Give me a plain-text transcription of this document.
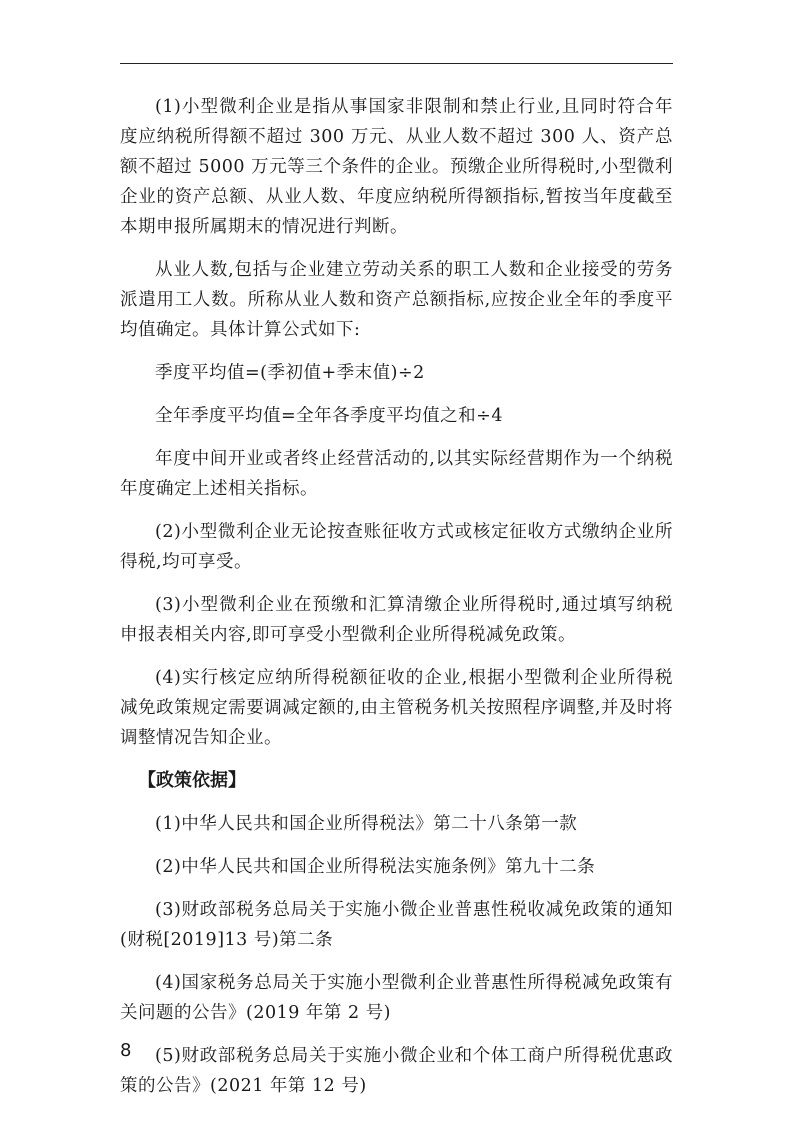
(1)小型微利企业是指从事国家非限制和禁止行业,且同时符合年度应纳税所得额不超过 300 万元、从业人数不超过 300 人、资产总额不超过 5000 万元等三个条件的企业。预缴企业所得税时,小型微利企业的资产总额、从业人数、年度应纳税所得额指标,暂按当年度截至本期申报所属期末的情况进行判断。

从业人数,包括与企业建立劳动关系的职工人数和企业接受的劳务派遣用工人数。所称从业人数和资产总额指标,应按企业全年的季度平均值确定。具体计算公式如下:

季度平均值=(季初值+季末值)÷2

全年季度平均值=全年各季度平均值之和÷4

年度中间开业或者终止经营活动的,以其实际经营期作为一个纳税年度确定上述相关指标。

(2)小型微利企业无论按查账征收方式或核定征收方式缴纳企业所得税,均可享受。

(3)小型微利企业在预缴和汇算清缴企业所得税时,通过填写纳税申报表相关内容,即可享受小型微利企业所得税减免政策。

(4)实行核定应纳所得税额征收的企业,根据小型微利企业所得税减免政策规定需要调减定额的,由主管税务机关按照程序调整,并及时将调整情况告知企业。

【政策依据】

(1)中华人民共和国企业所得税法》第二十八条第一款

(2)中华人民共和国企业所得税法实施条例》第九十二条

(3)财政部税务总局关于实施小微企业普惠性税收减免政策的通知(财税[2019]13 号)第二条

(4)国家税务总局关于实施小型微利企业普惠性所得税减免政策有关问题的公告》(2019 年第 2 号)

(5)财政部税务总局关于实施小微企业和个体工商户所得税优惠政策的公告》(2021 年第 12 号)

8
